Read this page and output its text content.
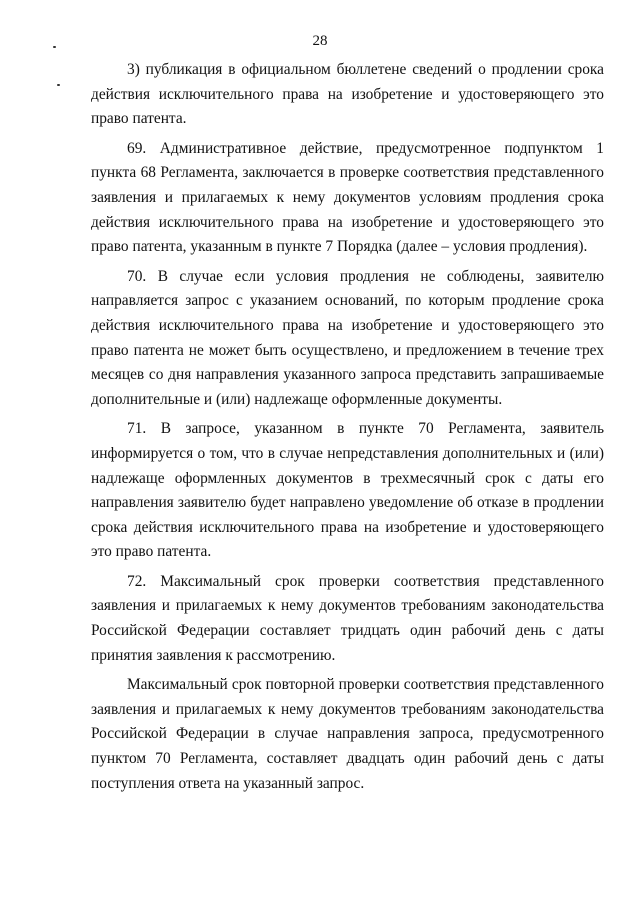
28

3) публикация в официальном бюллетене сведений о продлении срока действия исключительного права на изобретение и удостоверяющего это право патента.

69. Административное действие, предусмотренное подпунктом 1 пункта 68 Регламента, заключается в проверке соответствия представленного заявления и прилагаемых к нему документов условиям продления срока действия исключительного права на изобретение и удостоверяющего это право патента, указанным в пункте 7 Порядка (далее – условия продления).

70. В случае если условия продления не соблюдены, заявителю направляется запрос с указанием оснований, по которым продление срока действия исключительного права на изобретение и удостоверяющего это право патента не может быть осуществлено, и предложением в течение трех месяцев со дня направления указанного запроса представить запрашиваемые дополнительные и (или) надлежаще оформленные документы.

71. В запросе, указанном в пункте 70 Регламента, заявитель информируется о том, что в случае непредставления дополнительных и (или) надлежаще оформленных документов в трехмесячный срок с даты его направления заявителю будет направлено уведомление об отказе в продлении срока действия исключительного права на изобретение и удостоверяющего это право патента.

72. Максимальный срок проверки соответствия представленного заявления и прилагаемых к нему документов требованиям законодательства Российской Федерации составляет тридцать один рабочий день с даты принятия заявления к рассмотрению.

Максимальный срок повторной проверки соответствия представленного заявления и прилагаемых к нему документов требованиям законодательства Российской Федерации в случае направления запроса, предусмотренного пунктом 70 Регламента, составляет двадцать один рабочий день с даты поступления ответа на указанный запрос.
